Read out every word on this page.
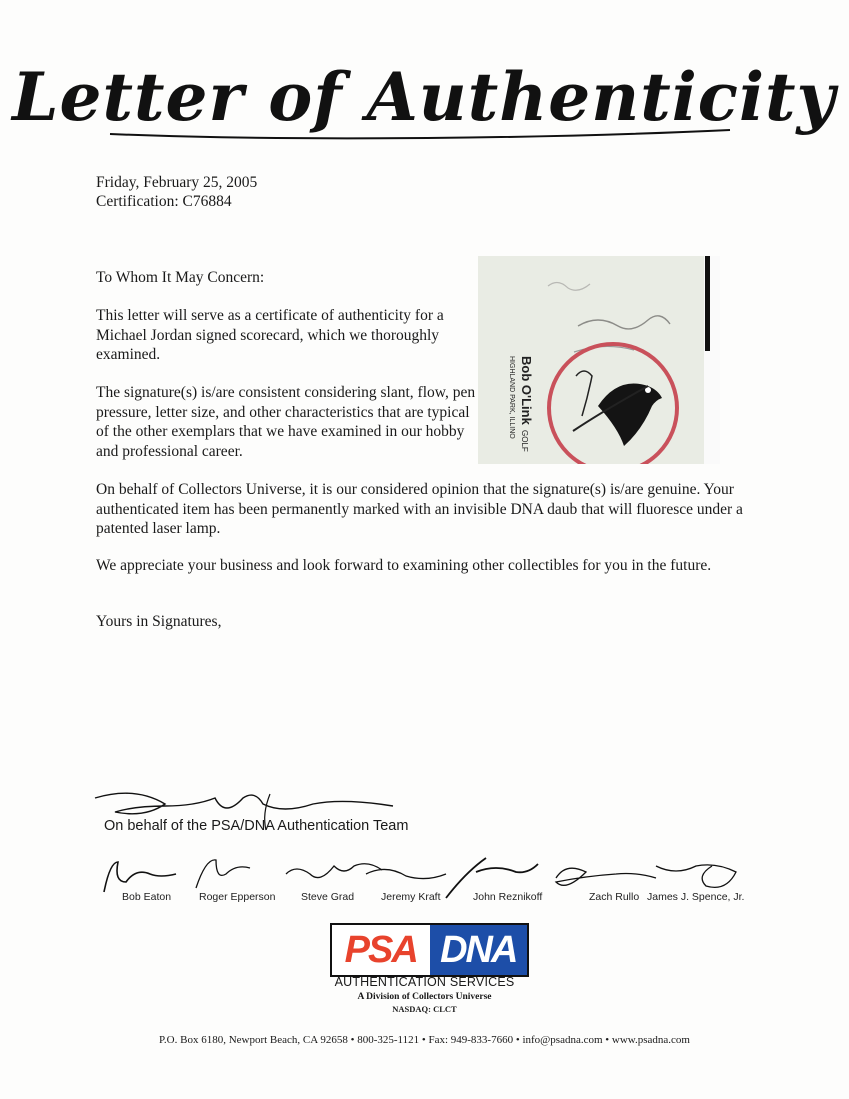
Letter of Authenticity
Friday, February 25, 2005
Certification: C76884
To Whom It May Concern:
This letter will serve as a certificate of authenticity for a Michael Jordan signed scorecard, which we thoroughly examined.
The signature(s) is/are consistent considering slant, flow, pen pressure, letter size, and other characteristics that are typical of the other exemplars that we have examined in our hobby and professional career.
On behalf of Collectors Universe, it is our considered opinion that the signature(s) is/are genuine. Your authenticated item has been permanently marked with an invisible DNA daub that will fluoresce under a patented laser lamp.
We appreciate your business and look forward to examining other collectibles for you in the future.
Yours in Signatures,
Bob O'Link
GOLF
HIGHLAND PARK, ILLINO
On behalf of the PSA/DNA Authentication Team
Bob Eaton	Roger Epperson Steve Grad	Jeremy Kraft	John Reznikoff	Zach Rullo James J. Spence, Jr.
PSA DNA
AUTHENTICATION SERVICES
A Division of Collectors Universe
NASDAQ: CLCT
P.O. Box 6180, Newport Beach, CA 92658 • 800-325-1121 • Fax: 949-833-7660 • info@psadna.com • www.psadna.com
